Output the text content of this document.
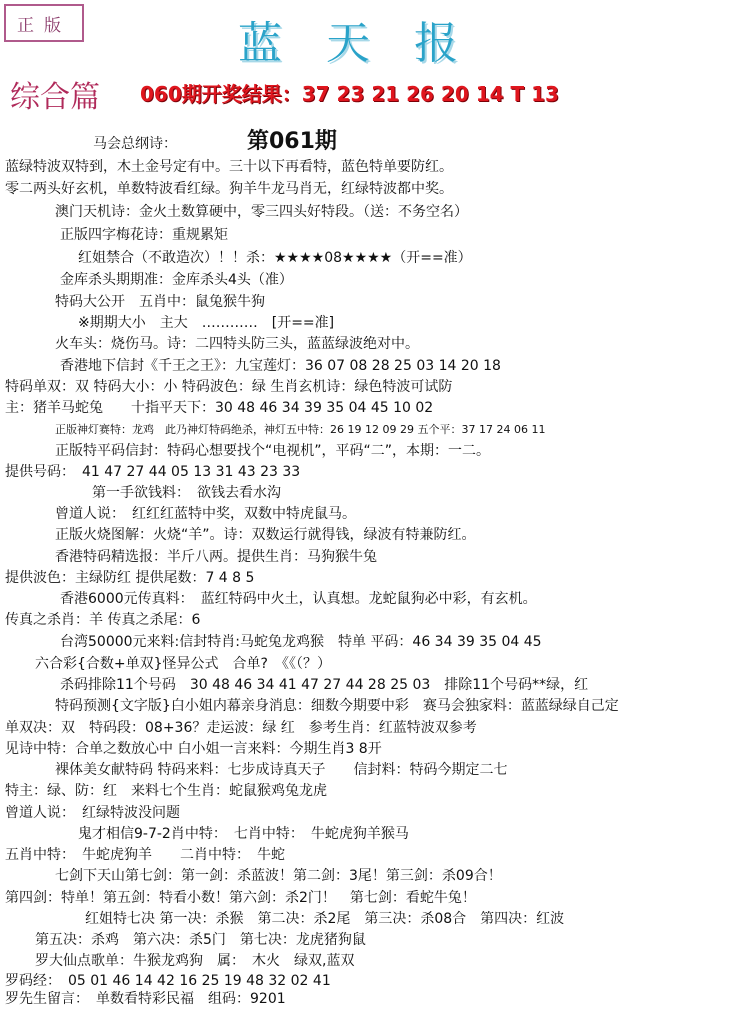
正版	蓝天报
综合篇 060期开奖结果：37 23 21 26 20 14 T 13
马会总纲诗：	第061期
蓝绿特波双特到，木土金号定有中。三十以下再看特，蓝色特单要防红。
零二两头好玄机，单数特波看红绿。狗羊牛龙马肖无，红绿特波都中奖。
澳门天机诗：金火土数算硬中，零三四头好特段。（送：不务空名）
正版四字梅花诗：重规累矩
红姐禁合（不敢造次）！！杀：★★★★08★★★★（开==准）
金库杀头期期准：金库杀头4头（准）
特码大公开　五肖中：鼠兔猴牛狗
※期期大小　主大　…………　[开==准]
火车头：烧伤马。诗：二四特头防三头，蓝蓝绿波绝对中。
香港地下信封《千王之王》：九宝莲灯：36 07 08 28 25 03 14 20 18
特码单双：双 特码大小：小 特码波色：绿 生肖玄机诗：绿色特波可试防
主：猪羊马蛇兔　　十指平天下：30 48 46 34 39 35 04 45 10 02
正版神灯赛特：龙鸡　此乃神灯特码绝杀，神灯五中特：26 19 12 09 29 五个平：37 17 24 06 11
正版特平码信封：特码心想要找个“电视机”，平码“二”，本期：一二。
提供号码：　41 47 27 44 05 13 31 43 23 33
第一手欲钱料：　欲钱去看水沟
曾道人说：　红红红蓝特中奖，双数中特虎鼠马。
正版火烧图解：火烧“羊”。诗：双数运行就得钱，绿波有特兼防红。
香港特码精选报：半斤八两。提供生肖：马狗猴牛兔
提供波色：主绿防红 提供尾数：7 4 8 5
香港6000元传真料：　蓝红特码中火土，认真想。龙蛇鼠狗必中彩，有玄机。
传真之杀肖：羊 传真之杀尾：6
台湾50000元来料:信封特肖:马蛇兔龙鸡猴　特单 平码：46 34 39 35 04 45
六合彩{合数+单双}怪异公式　合单?　《《（？）
杀码排除11个号码　30 48 46 34 41 47 27 44 28 25 03　排除11个号码**绿，红
特码预测{文字版}白小姐内幕亲身消息：细数今期要中彩　赛马会独家料：蓝蓝绿绿自己定
单双决：双　特码段：08+36？走运波：绿 红　参考生肖：红蓝特波双参考
见诗中特：合单之数放心中 白小姐一言来料：今期生肖3 8开
裸体美女献特码 特码来料：七步成诗真天子　　信封料：特码今期定二七
特主：绿、防：红　来料七个生肖：蛇鼠猴鸡兔龙虎
曾道人说：　红绿特波没问题
鬼才相信9-7-2肖中特：　七肖中特：　牛蛇虎狗羊猴马
五肖中特：　牛蛇虎狗羊　　二肖中特：　牛蛇
七剑下天山第七剑：第一剑：杀蓝波！第二剑：3尾！第三剑：杀09合！
第四剑：特单！第五剑：特看小数！第六剑：杀2门！　第七剑：看蛇牛兔！
红姐特七决 第一决：杀猴　第二决：杀2尾　第三决：杀08合　第四决：红波
第五决：杀鸡　第六决：杀5门　第七决：龙虎猪狗鼠
罗大仙点歌单：牛猴龙鸡狗　属：　木火　绿双,蓝双
罗码经：　05 01 46 14 42 16 25 19 48 32 02 41
罗先生留言：　单数看特彩民福　组码：9201
